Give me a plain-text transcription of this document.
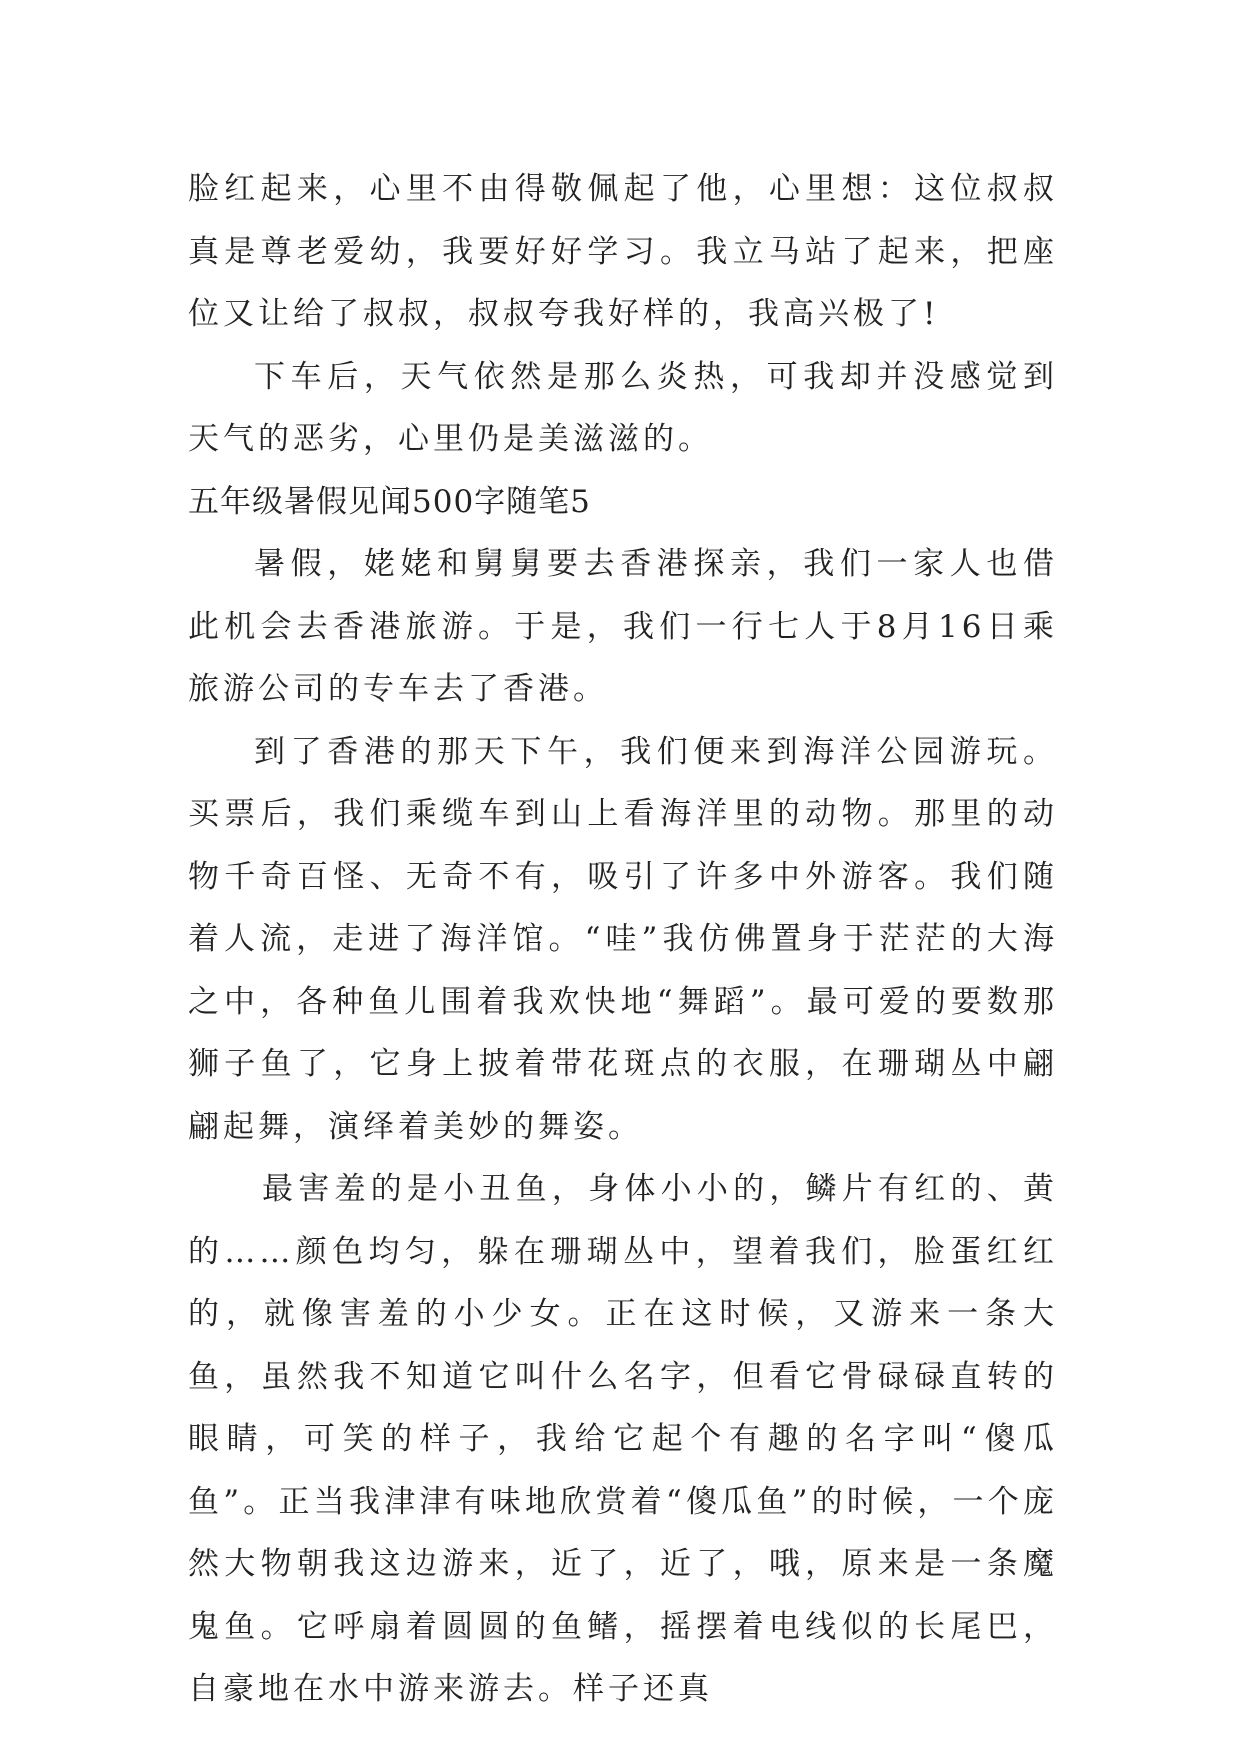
脸红起来，心里不由得敬佩起了他，心里想：这位叔叔真是尊老爱幼，我要好好学习。我立马站了起来，把座位又让给了叔叔，叔叔夸我好样的，我高兴极了!

下车后，天气依然是那么炎热，可我却并没感觉到天气的恶劣，心里仍是美滋滋的。

五年级暑假见闻500字随笔5

暑假，姥姥和舅舅要去香港探亲，我们一家人也借此机会去香港旅游。于是，我们一行七人于8月16日乘旅游公司的专车去了香港。

到了香港的那天下午，我们便来到海洋公园游玩。买票后，我们乘缆车到山上看海洋里的动物。那里的动物千奇百怪、无奇不有，吸引了许多中外游客。我们随着人流，走进了海洋馆。“哇”我仿佛置身于茫茫的大海之中，各种鱼儿围着我欢快地“舞蹈”。最可爱的要数那狮子鱼了，它身上披着带花斑点的衣服，在珊瑚丛中翩翩起舞，演绎着美妙的舞姿。

最害羞的是小丑鱼，身体小小的，鳞片有红的、黄的……颜色均匀，躲在珊瑚丛中，望着我们，脸蛋红红的，就像害羞的小少女。正在这时候，又游来一条大鱼，虽然我不知道它叫什么名字，但看它骨碌碌直转的眼睛，可笑的样子，我给它起个有趣的名字叫“傻瓜鱼”。正当我津津有味地欣赏着“傻瓜鱼”的时候，一个庞然大物朝我这边游来，近了，近了，哦，原来是一条魔鬼鱼。它呼扇着圆圆的鱼鳍，摇摆着电线似的长尾巴，自豪地在水中游来游去。样子还真
